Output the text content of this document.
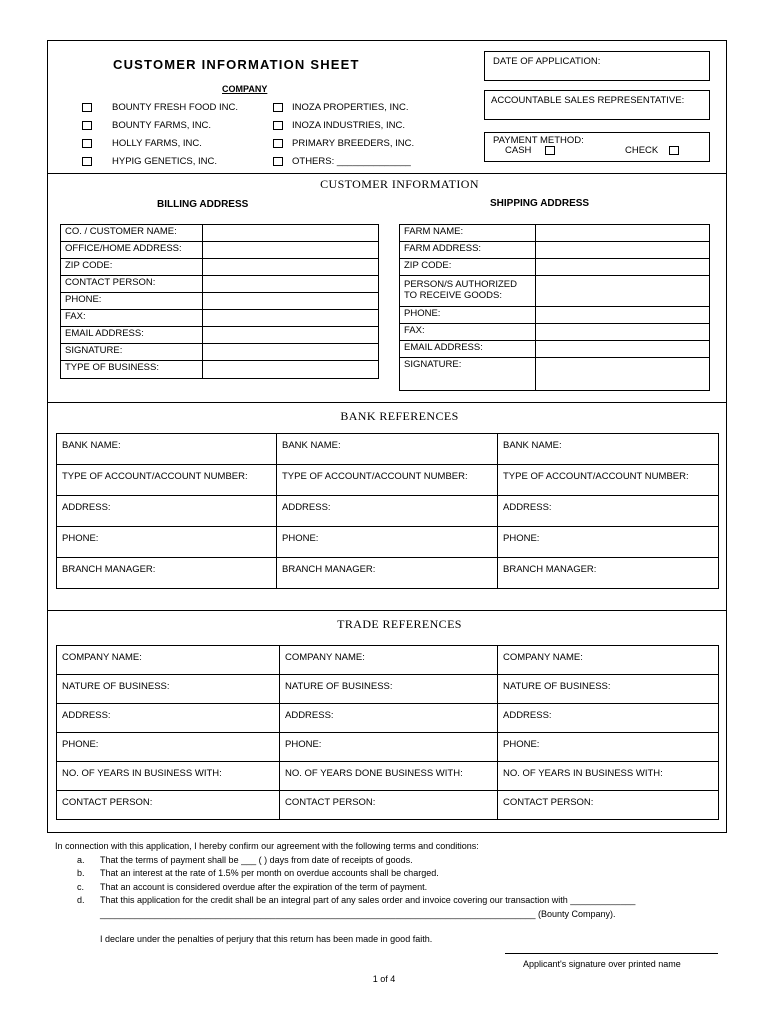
CUSTOMER INFORMATION SHEET
COMPANY
BOUNTY FRESH FOOD INC.
BOUNTY FARMS, INC.
HOLLY FARMS, INC.
HYPIG GENETICS, INC.
INOZA PROPERTIES, INC.
INOZA INDUSTRIES, INC.
PRIMARY BREEDERS, INC.
OTHERS: ______________
DATE OF APPLICATION:
ACCOUNTABLE SALES REPRESENTATIVE:
PAYMENT METHOD:
CASH	CHECK
CUSTOMER INFORMATION
BILLING ADDRESS	SHIPPING ADDRESS
CO. / CUSTOMER NAME:	
OFFICE/HOME ADDRESS:	
ZIP CODE:	
CONTACT PERSON:	
PHONE:	
FAX:	
EMAIL ADDRESS:	
SIGNATURE:	
TYPE OF BUSINESS:	
FARM NAME:	
FARM ADDRESS:	
ZIP CODE:	
PERSON/S AUTHORIZED TO RECEIVE GOODS:	
PHONE:	
FAX:	
EMAIL ADDRESS:	
SIGNATURE:	
BANK REFERENCES
BANK NAME:	BANK NAME:	BANK NAME:
TYPE OF ACCOUNT/ACCOUNT NUMBER:	TYPE OF ACCOUNT/ACCOUNT NUMBER:	TYPE OF ACCOUNT/ACCOUNT NUMBER:
ADDRESS:	ADDRESS:	ADDRESS:
PHONE:	PHONE:	PHONE:
BRANCH MANAGER:	BRANCH MANAGER:	BRANCH MANAGER:
TRADE REFERENCES
COMPANY NAME:	COMPANY NAME:	COMPANY NAME:
NATURE OF BUSINESS:	NATURE OF BUSINESS:	NATURE OF BUSINESS:
ADDRESS:	ADDRESS:	ADDRESS:
PHONE:	PHONE:	PHONE:
NO. OF YEARS IN BUSINESS WITH:	NO. OF YEARS DONE BUSINESS WITH:	NO. OF YEARS IN BUSINESS WITH:
CONTACT PERSON:	CONTACT PERSON:	CONTACT PERSON:
In connection with this application, I hereby confirm our agreement with the following terms and conditions:
a. That the terms of payment shall be ___ ( ) days from date of receipts of goods.
b. That an interest at the rate of 1.5% per month on overdue accounts shall be charged.
c. That an account is considered overdue after the expiration of the term of payment.
d. That this application for the credit shall be an integral part of any sales order and invoice covering our transaction with _____________
_______________________________________________________________________________________ (Bounty Company).
I declare under the penalties of perjury that this return has been made in good faith.
Applicant's signature over printed name
1 of 4
